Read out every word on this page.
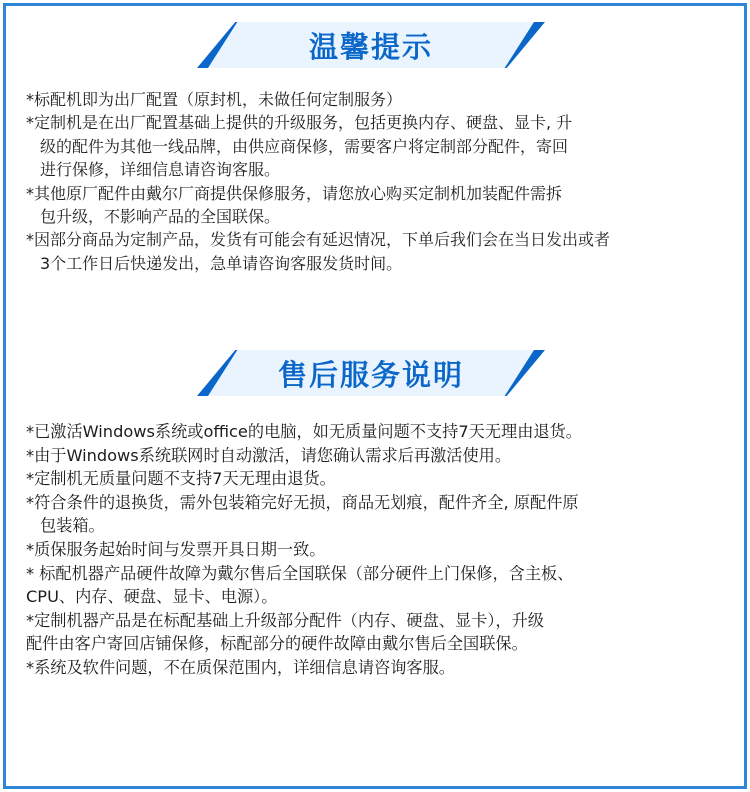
温馨提示

*标配机即为出厂配置（原封机，未做任何定制服务）

*定制机是在出厂配置基础上提供的升级服务，包括更换内存、硬盘、显卡, 升
级的配件为其他一线品牌，由供应商保修，需要客户将定制部分配件，寄回
进行保修，详细信息请咨询客服。

*其他原厂配件由戴尔厂商提供保修服务，请您放心购买定制机加装配件需拆
包升级，不影响产品的全国联保。

*因部分商品为定制产品，发货有可能会有延迟情况，下单后我们会在当日发出或者
3个工作日后快递发出，急单请咨询客服发货时间。

售后服务说明

*已激活Windows系统或office的电脑，如无质量问题不支持7天无理由退货。

*由于Windows系统联网时自动激活，请您确认需求后再激活使用。

*定制机无质量问题不支持7天无理由退货。

*符合条件的退换货，需外包装箱完好无损，商品无划痕，配件齐全, 原配件原
包装箱。

*质保服务起始时间与发票开具日期一致。

* 标配机器产品硬件故障为戴尔售后全国联保（部分硬件上门保修，含主板、
CPU、内存、硬盘、显卡、电源）。

*定制机器产品是在标配基础上升级部分配件（内存、硬盘、显卡），升级
配件由客户寄回店铺保修，标配部分的硬件故障由戴尔售后全国联保。

*系统及软件问题，不在质保范围内，详细信息请咨询客服。
